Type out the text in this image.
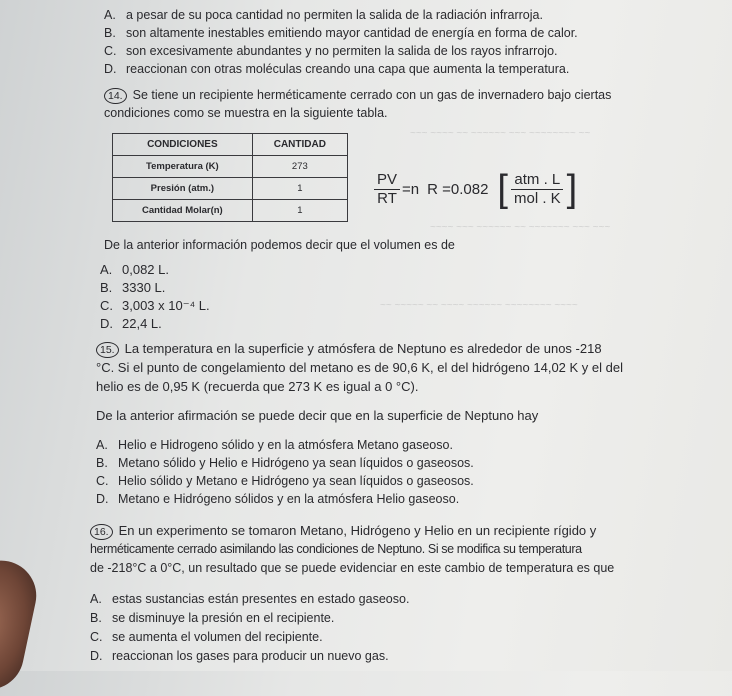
~~~ ~~~~ ~~ ~~~~~~ ~~~ ~~~~~~~~ ~~
~~~~ ~~~ ~~~~~~ ~~ ~~~~~~~ ~~~ ~~~
~~ ~~~~~ ~~ ~~~~ ~~~~~~ ~~~~~~~~ ~~~~
A. a pesar de su poca cantidad no permiten la salida de la radiación infrarroja.
B. son altamente inestables emitiendo mayor cantidad de energía en forma de calor.
C. son excesivamente abundantes y no permiten la salida de los rayos infrarrojo.
D. reaccionan con otras moléculas creando una capa que aumenta la temperatura.
14. Se tiene un recipiente herméticamente cerrado con un gas de invernadero bajo ciertas
condiciones como se muestra en la siguiente tabla.
CONDICIONES	CANTIDAD
Temperatura (K)	273
Presión (atm.)	1
Cantidad Molar(n)	1
$\frac{PV}{RT} =n$ R =0.082 [ $\frac{\text{atm . L}}{\text{mol . K}}$ ]
De la anterior información podemos decir que el volumen es de
A. 0,082 L.
B. 3330 L.
C. 3,003 x 10⁻⁴ L.
D. 22,4 L.
15. La temperatura en la superficie y atmósfera de Neptuno es alrededor de unos -218
°C. Si el punto de congelamiento del metano es de 90,6 K, el del hidrógeno 14,02 K y el del
helio es de 0,95 K (recuerda que 273 K es igual a 0 °C).
De la anterior afirmación se puede decir que en la superficie de Neptuno hay
A. Helio e Hidrogeno sólido y en la atmósfera Metano gaseoso.
B. Metano sólido y Helio e Hidrógeno ya sean líquidos o gaseosos.
C. Helio sólido y Metano e Hidrógeno ya sean líquidos o gaseosos.
D. Metano e Hidrógeno sólidos y en la atmósfera Helio gaseoso.
16. En un experimento se tomaron Metano, Hidrógeno y Helio en un recipiente rígido y
herméticamente cerrado asimilando las condiciones de Neptuno. Si se modifica su temperatura
de -218°C a 0°C, un resultado que se puede evidenciar en este cambio de temperatura es que
A. estas sustancias están presentes en estado gaseoso.
B. se disminuye la presión en el recipiente.
C. se aumenta el volumen del recipiente.
D. reaccionan los gases para producir un nuevo gas.
